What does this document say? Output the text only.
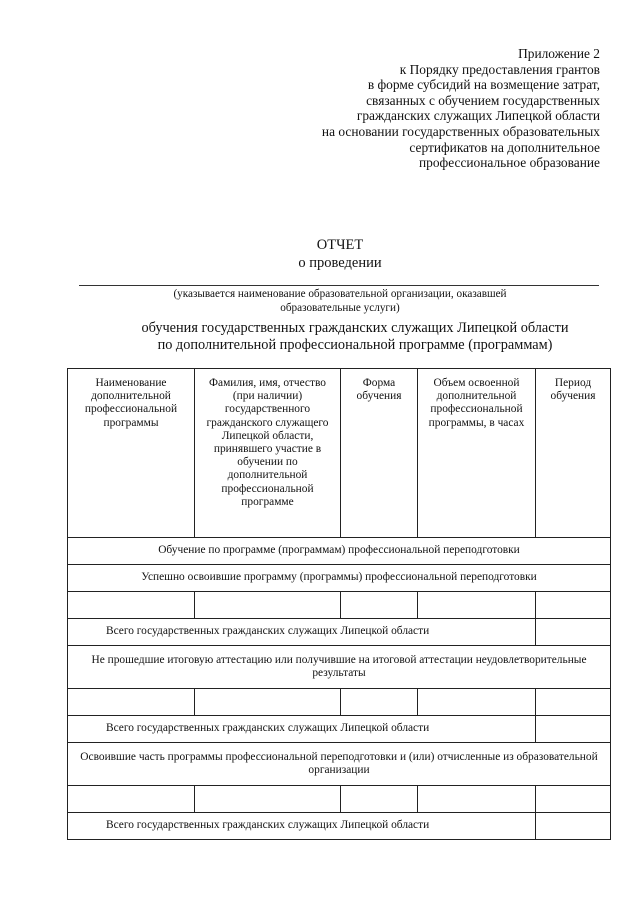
Приложение 2
к Порядку предоставления грантов
в форме субсидий на возмещение затрат,
связанных с обучением государственных
гражданских служащих Липецкой области
на основании государственных образовательных
сертификатов на дополнительное
профессиональное образование
ОТЧЕТ
о проведении
(указывается наименование образовательной организации, оказавшей
образовательные услуги)
обучения государственных гражданских служащих Липецкой области
по дополнительной профессиональной программе (программам)
Наименование дополнительной профессиональной программы	Фамилия, имя, отчество (при наличии) государственного гражданского служащего Липецкой области, принявшего участие в обучении по дополнительной профессиональной программе	Форма обучения	Объем освоенной дополнительной профессиональной программы, в часах	Период обучения
Обучение по программе (программам) профессиональной переподготовки				
Успешно освоившие программу (программы) профессиональной переподготовки				

Всего государственных гражданских служащих Липецкой области				
Не прошедшие итоговую аттестацию или получившие на итоговой аттестации неудовлетворительные результаты				

Всего государственных гражданских служащих Липецкой области				
Освоившие часть программы профессиональной переподготовки и (или) отчисленные из образовательной организации				

Всего государственных гражданских служащих Липецкой области				
